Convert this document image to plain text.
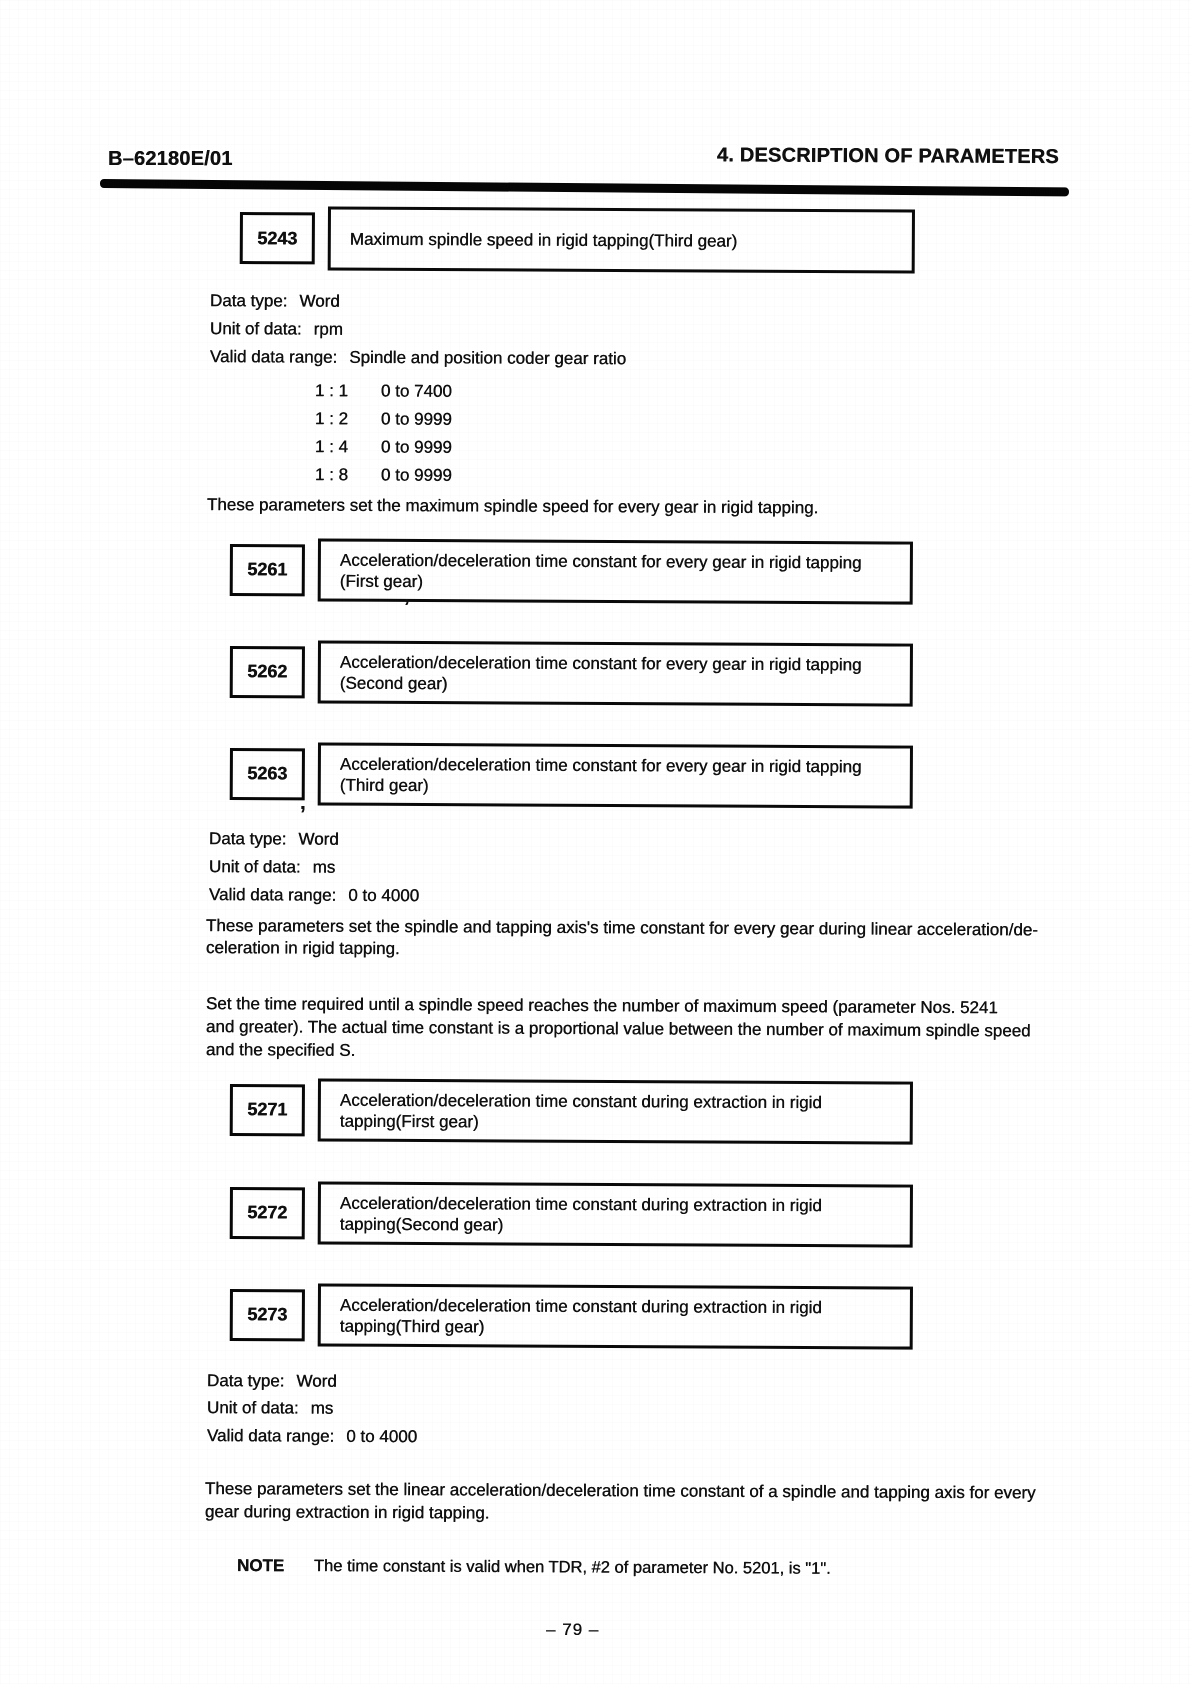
B–62180E/01	4. DESCRIPTION OF PARAMETERS
5243	Maximum spindle speed in rigid tapping(Third gear)
Data type: Word
Unit of data: rpm
Valid data range: Spindle and position coder gear ratio
1 : 1 0 to 7400
1 : 2 0 to 9999
1 : 4 0 to 9999
1 : 8 0 to 9999
These parameters set the maximum spindle speed for every gear in rigid tapping.
5261	Acceleration/deceleration time constant for every gear in rigid tapping
(First gear)
’
5262	Acceleration/deceleration time constant for every gear in rigid tapping
(Second gear)
5263	Acceleration/deceleration time constant for every gear in rigid tapping
(Third gear)
,
Data type: Word
Unit of data: ms
Valid data range: 0 to 4000
These parameters set the spindle and tapping axis's time constant for every gear during linear acceleration/de-
celeration in rigid tapping.
Set the time required until a spindle speed reaches the number of maximum speed (parameter Nos. 5241
and greater). The actual time constant is a proportional value between the number of maximum spindle speed
and the specified S.
5271	Acceleration/deceleration time constant during extraction in rigid
tapping(First gear)
5272	Acceleration/deceleration time constant during extraction in rigid
tapping(Second gear)
5273	Acceleration/deceleration time constant during extraction in rigid
tapping(Third gear)
Data type: Word
Unit of data: ms
Valid data range: 0 to 4000
These parameters set the linear acceleration/deceleration time constant of a spindle and tapping axis for every
gear during extraction in rigid tapping.
NOTE The time constant is valid when TDR, #2 of parameter No. 5201, is "1".
– 79 –
